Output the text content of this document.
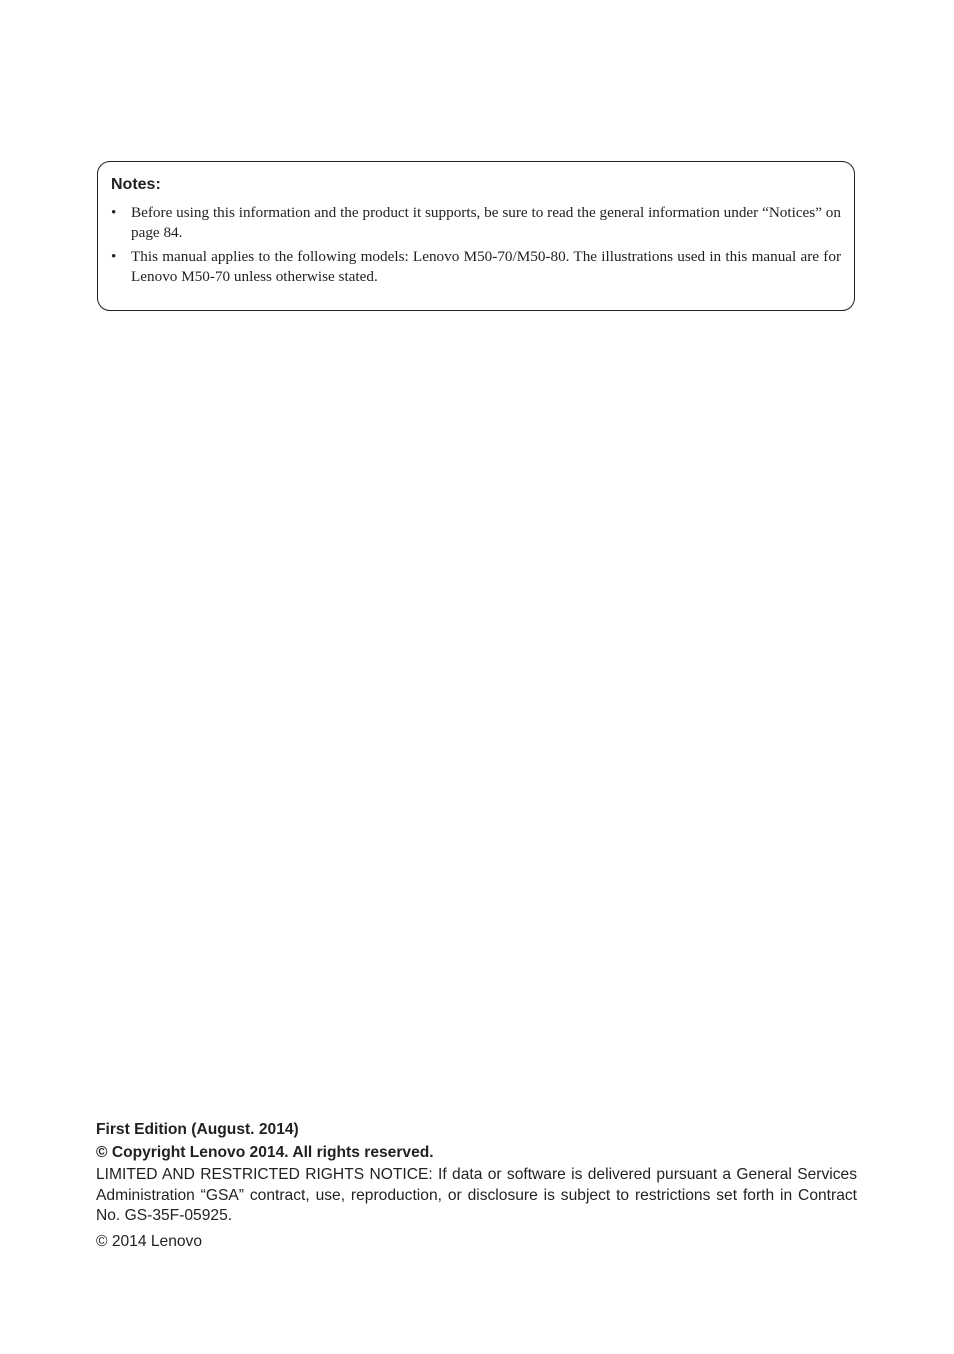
Notes:
• Before using this information and the product it supports, be sure to read the general information under “Notices” on page 84.
• This manual applies to the following models: Lenovo M50-70/M50-80. The illustrations used in this manual are for Lenovo M50-70 unless otherwise stated.

First Edition (August. 2014)

© Copyright Lenovo 2014. All rights reserved.

LIMITED AND RESTRICTED RIGHTS NOTICE: If data or software is delivered pursuant a General Services Administration “GSA” contract, use, reproduction, or disclosure is subject to restrictions set forth in Contract No. GS-35F-05925.

© 2014 Lenovo
